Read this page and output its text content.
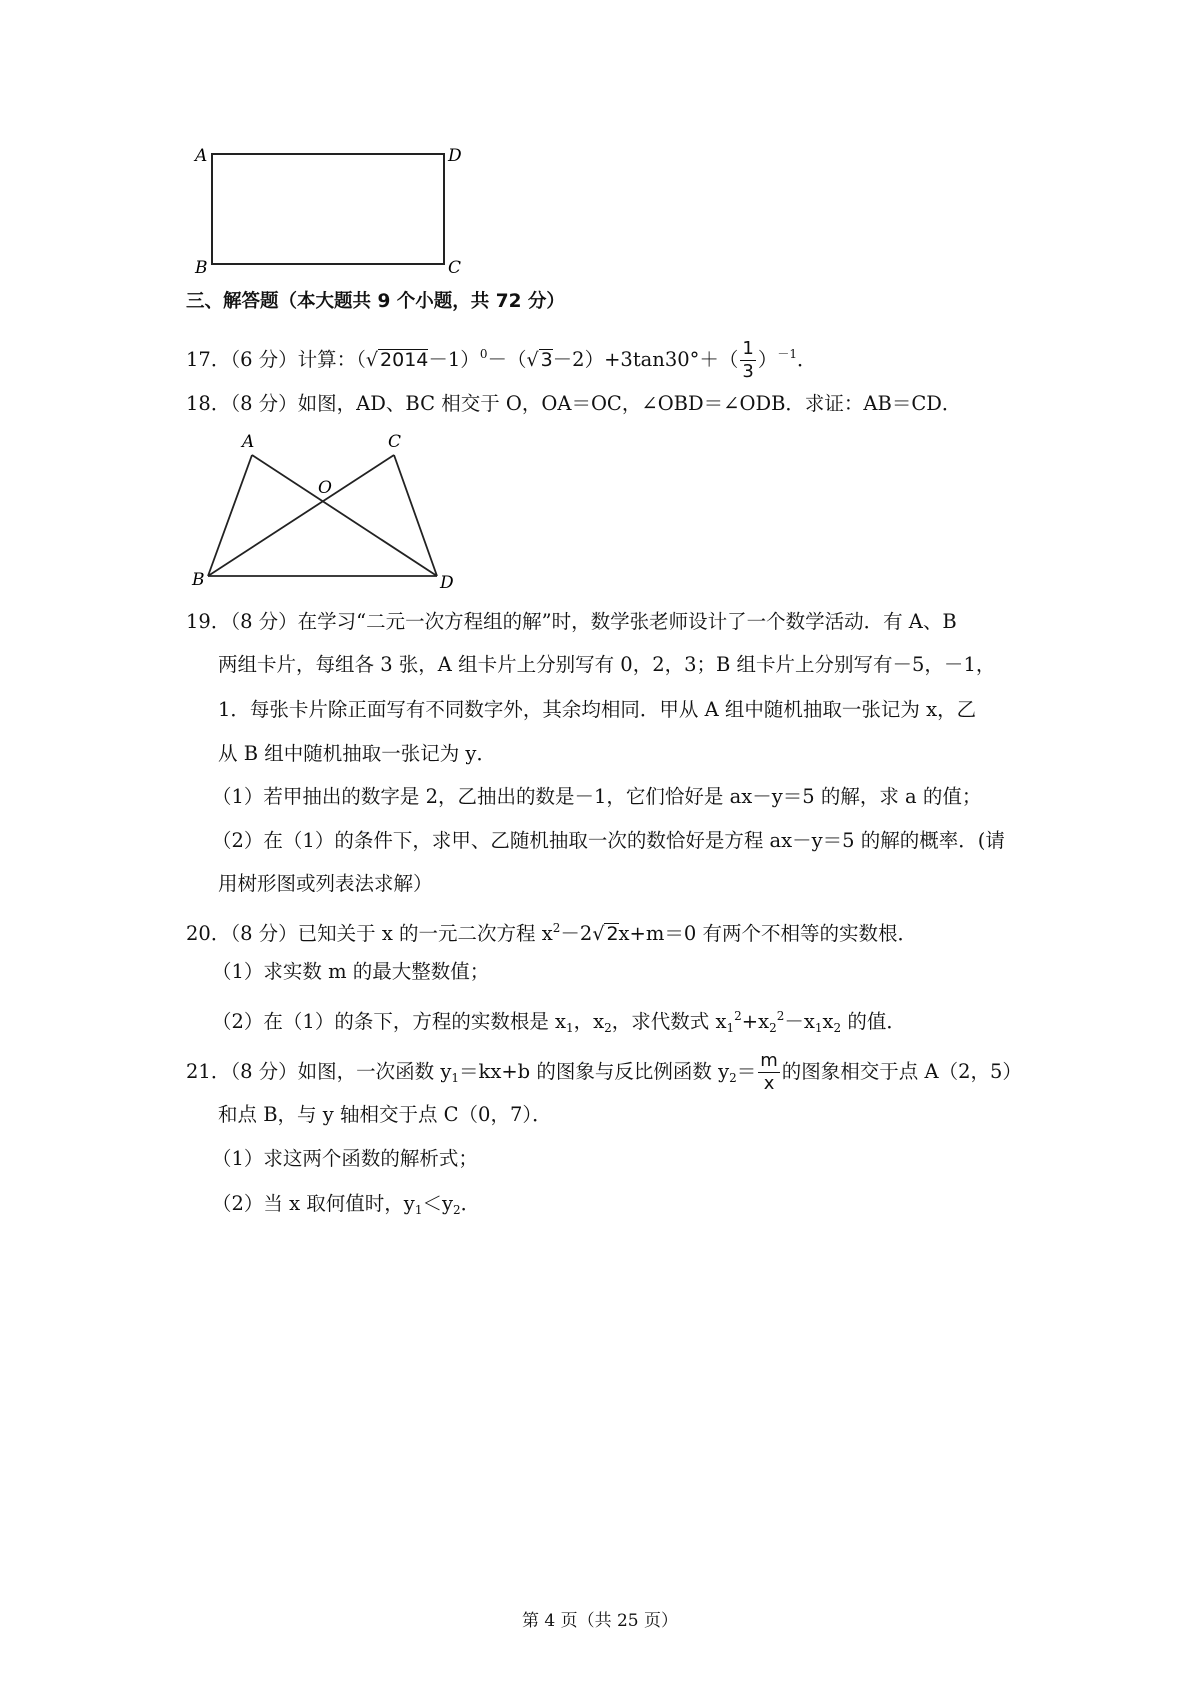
A	D
B	C
三、解答题（本大题共 9 个小题，共 72 分）
17．（6 分）计算：（√ 2014－1）$^0$－（√ $3-2)+3\tan 30^\circ+( \frac{1}{3} )^{-1}$．
18．（8 分）如图，AD、BC 相交于 O，OA＝OC，∠OBD＝∠ODB．求证：AB＝CD．
A	C
O
B	D
19．（8 分）在学习“二元一次方程组的解”时，数学张老师设计了一个数学活动．有 A、B
两组卡片，每组各 3 张，A 组卡片上分别写有 0，2，3；B 组卡片上分别写有－5，－1，
1．每张卡片除正面写有不同数字外，其余均相同．甲从 A 组中随机抽取一张记为 x，乙
从 B 组中随机抽取一张记为 y．
（1）若甲抽出的数字是 2，乙抽出的数是－1，它们恰好是 ax－y＝5 的解，求 a 的值；
（2）在（1）的条件下，求甲、乙随机抽取一次的数恰好是方程 ax－y＝5 的解的概率．(请
用树形图或列表法求解）
20．（8 分）已知关于 x 的一元二次方程 $x^2-2√$ 2x+m＝0 有两个不相等的实数根．
（1）求实数 m 的最大整数值；
（2）在（1）的条下，方程的实数根是 $x_1$，$x_2$，求代数式 $x_1^2+x_2^2-x_1x_2$ 的值．
21．（8 分）如图，一次函数 $y_1=kx+b$ 的图象与反比例函数 $y_2= \frac{m}{x}$ 的图象相交于点 A（2，5）
和点 B，与 y 轴相交于点 C（0，7）．
（1）求这两个函数的解析式；
（2）当 x 取何值时，$y_1<y_2$．
第 4 页（共 25 页）
